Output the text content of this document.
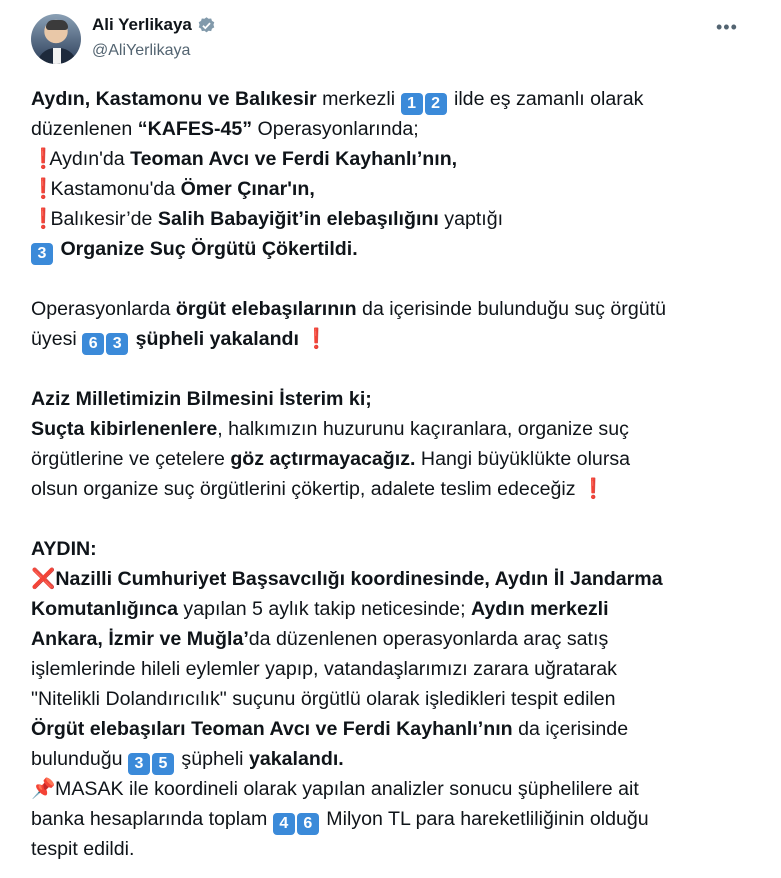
Ali Yerlikaya
@AliYerlikaya
•••
Aydın, Kastamonu ve Balıkesir merkezli 1 2 ilde eş zamanlı olarak
düzenlenen “KAFES-45” Operasyonlarında;
❗ Aydın'da Teoman Avcı ve Ferdi Kayhanlı’nın,
❗ Kastamonu'da Ömer Çınar'ın,
❗ Balıkesir’de Salih Babayiğit’in elebaşılığını yaptığı
3 Organize Suç Örgütü Çökertildi.
Operasyonlarda örgüt elebaşılarının da içerisinde bulunduğu suç örgütü
üyesi 6 3 şüpheli yakalandı ❗
Aziz Milletimizin Bilmesini İsterim ki;
Suçta kibirlenenlere, halkımızın huzurunu kaçıranlara, organize suç
örgütlerine ve çetelere göz açtırmayacağız. Hangi büyüklükte olursa
olsun organize suç örgütlerini çökertip, adalete teslim edeceğiz ❗
AYDIN:
❌Nazilli Cumhuriyet Başsavcılığı koordinesinde, Aydın İl Jandarma
Komutanlığınca yapılan 5 aylık takip neticesinde; Aydın merkezli
Ankara, İzmir ve Muğla’da düzenlenen operasyonlarda araç satış
işlemlerinde hileli eylemler yapıp, vatandaşlarımızı zarara uğratarak
"Nitelikli Dolandırıcılık" suçunu örgütlü olarak işledikleri tespit edilen
Örgüt elebaşıları Teoman Avcı ve Ferdi Kayhanlı’nın da içerisinde
bulunduğu 3 5 şüpheli yakalandı.
📌MASAK ile koordineli olarak yapılan analizler sonucu şüphelilere ait
banka hesaplarında toplam 4 6 Milyon TL para hareketliliğinin olduğu
tespit edildi.
